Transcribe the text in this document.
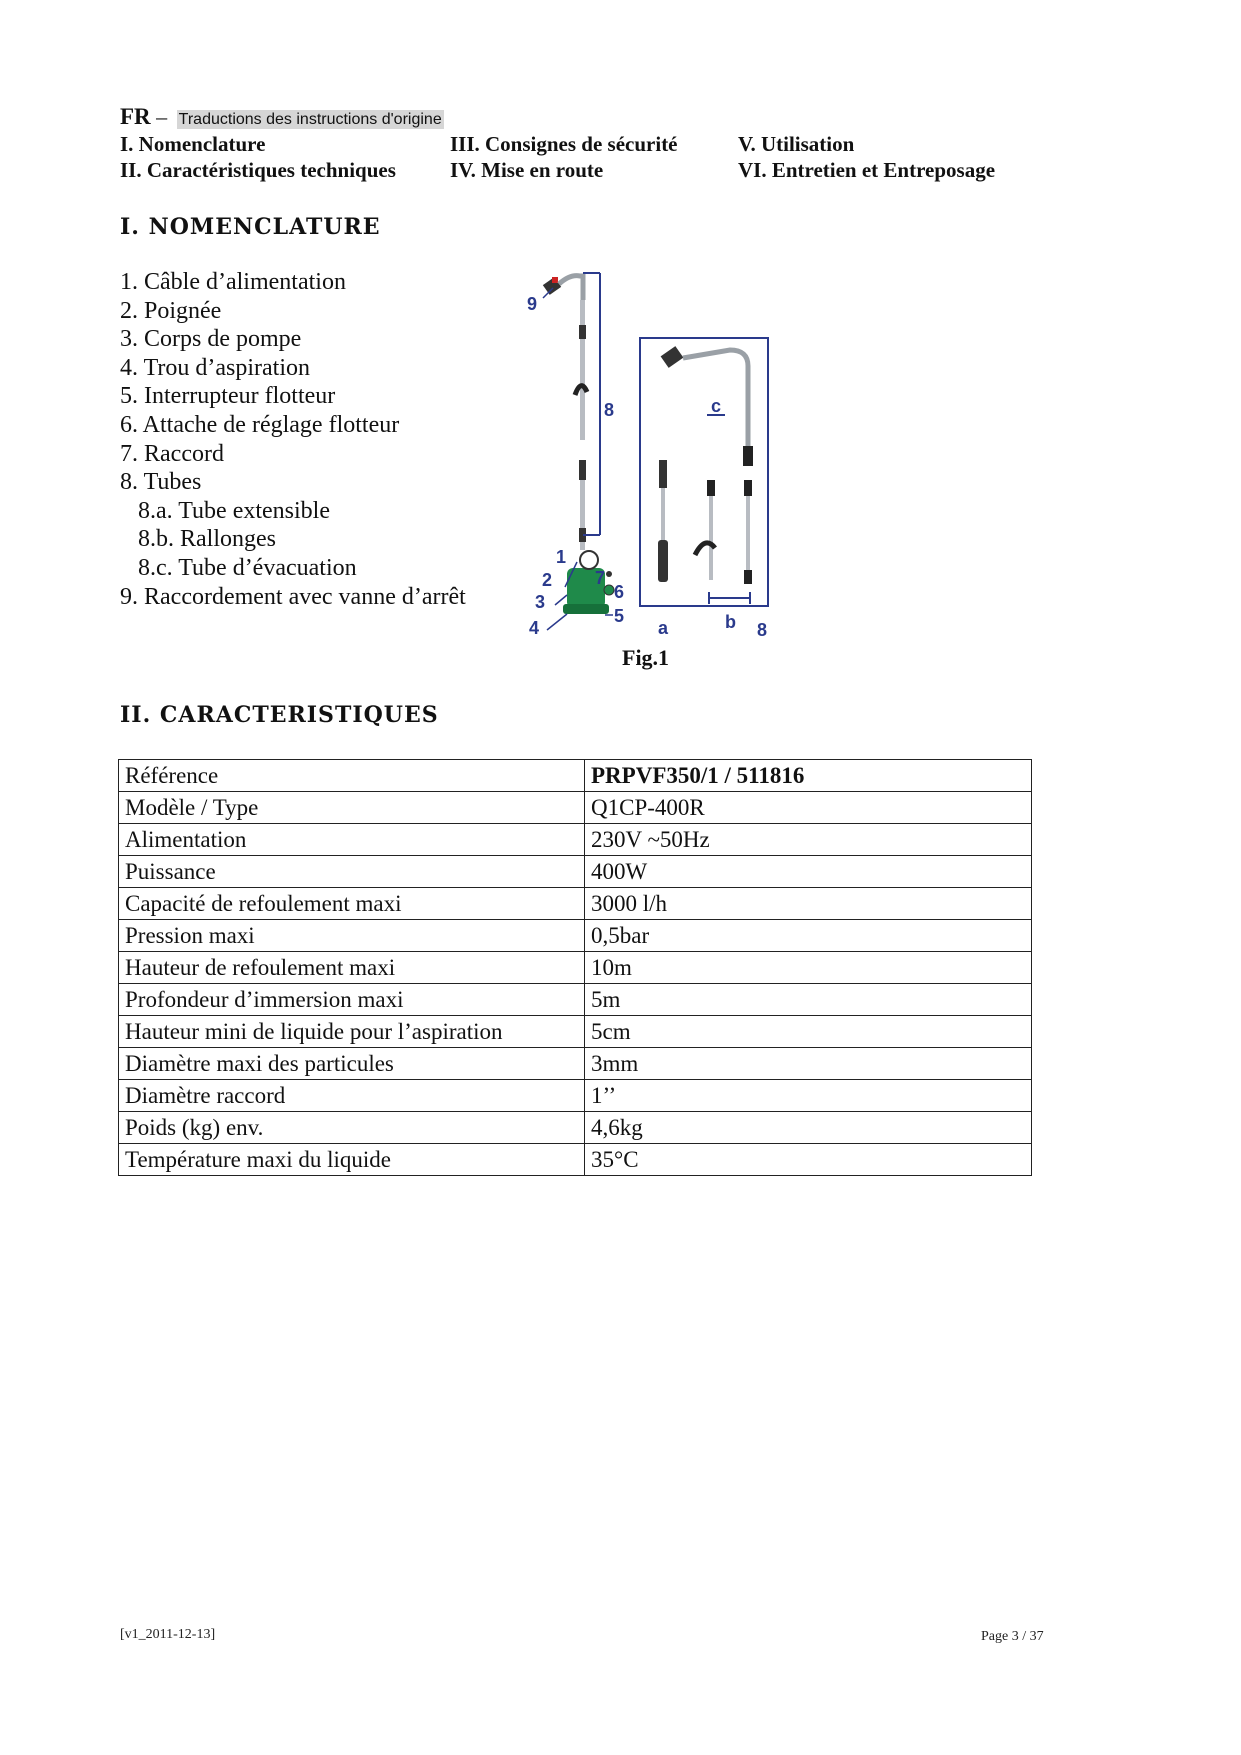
FR – Traductions des instructions d'origine
I. Nomenclature
II. Caractéristiques techniques
III. Consignes de sécurité
IV. Mise en route
V. Utilisation
VI. Entretien et Entreposage
I. NOMENCLATURE
1. Câble d’alimentation
2. Poignée
3. Corps de pompe
4. Trou d’aspiration
5. Interrupteur flotteur
6. Attache de réglage flotteur
7. Raccord
8. Tubes
8.a. Tube extensible
8.b. Rallonges
8.c. Tube d’évacuation
9. Raccordement avec vanne d’arrêt
9
8
1
2
3
4
5
6
7
c
a	b 8
Fig.1
II. CARACTERISTIQUES
Référence	PRPVF350/1 / 511816
Modèle / Type	Q1CP-400R
Alimentation	230V ~50Hz
Puissance	400W
Capacité de refoulement maxi	3000 l/h
Pression maxi	0,5bar
Hauteur de refoulement maxi	10m
Profondeur d’immersion maxi	5m
Hauteur mini de liquide pour l’aspiration	5cm
Diamètre maxi des particules	3mm
Diamètre raccord	1’’
Poids (kg) env.	4,6kg
Température maxi du liquide	35°C
[v1_2011-12-13]	Page 3 / 37
